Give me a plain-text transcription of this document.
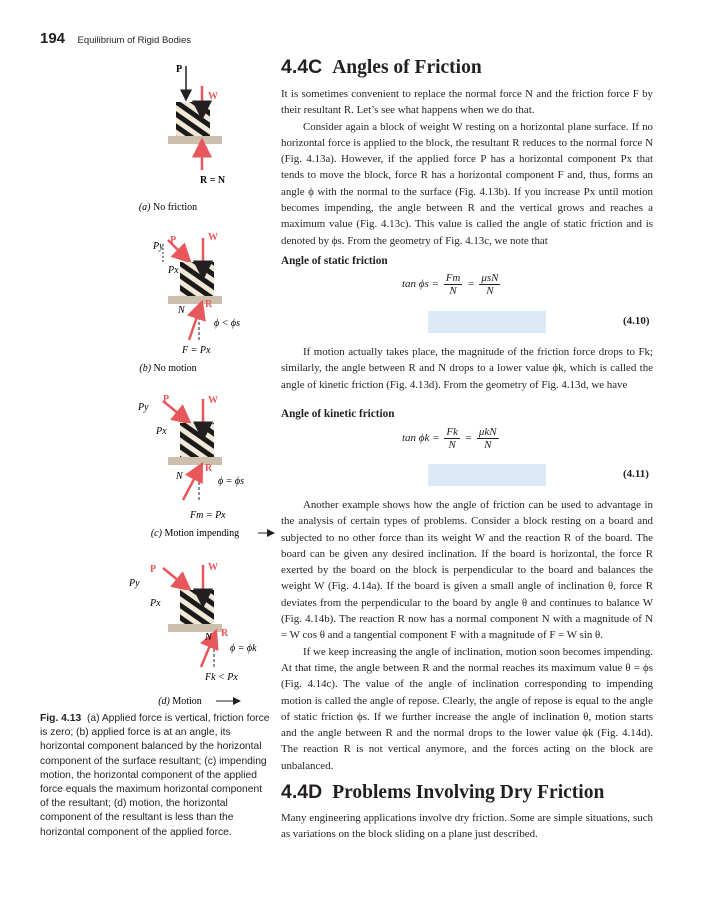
194 Equilibrium of Rigid Bodies
4.4C Angles of Friction

It is sometimes convenient to replace the normal force N and the friction force F by their resultant R. Let’s see what happens when we do that.

Consider again a block of weight W resting on a horizontal plane surface. If no horizontal force is applied to the block, the resultant R reduces to the normal force N (Fig. 4.13a). However, if the applied force P has a horizontal component Px that tends to move the block, force R has a horizontal component F and, thus, forms an angle ϕ with the normal to the surface (Fig. 4.13b). If you increase Px until motion becomes impending, the angle between R and the vertical grows and reaches a maximum value (Fig. 4.13c). This value is called the angle of static friction and is denoted by ϕs. From the geometry of Fig. 4.13c, we note that

Angle of static friction
$\tan \phi s = \frac{Fm}{N} = \frac{\text{μsN}}{N}$
(4.10)

If motion actually takes place, the magnitude of the friction force drops to Fk; similarly, the angle between R and N drops to a lower value ϕk, which is called the angle of kinetic friction (Fig. 4.13d). From the geometry of Fig. 4.13d, we have

Angle of kinetic friction
$\tan \phi k = \frac{Fk}{N} = \frac{\text{μkN}}{N}$
(4.11)

Another example shows how the angle of friction can be used to advantage in the analysis of certain types of problems. Consider a block resting on a board and subjected to no other force than its weight W and the reaction R of the board. The board can be given any desired inclination. If the board is horizontal, the force R exerted by the board on the block is perpendicular to the board and balances the weight W (Fig. 4.14a). If the board is given a small angle of inclination θ, force R deviates from the perpendicular to the board by angle θ and continues to balance W (Fig. 4.14b). The reaction R now has a normal component N with a magnitude of N = W cos θ and a tangential component F with a magnitude of F = W sin θ.

If we keep increasing the angle of inclination, motion soon becomes impending. At that time, the angle between R and the normal reaches its maximum value θ = ϕs (Fig. 4.14c). The value of the angle of inclination corresponding to impending motion is called the angle of repose. Clearly, the angle of repose is equal to the angle of static friction ϕs. If we further increase the angle of inclination θ, motion starts and the angle between R and the normal drops to the lower value ϕk (Fig. 4.14d). The reaction R is not vertical anymore, and the forces acting on the block are unbalanced.

4.4D Problems Involving Dry Friction

Many engineering applications involve dry friction. Some are simple situations, such as variations on the block sliding on a plane just described.

P
W
R = N
(a) No friction
P
Py
Px
W
R
N
ϕ < ϕs
F = Px
(b) No motion
P
Py
Px
W
R
N	ϕ = ϕs
Fm = Px
(c) Motion impending
P
Py
Px
W
R
N
ϕ = ϕk
Fk < Px
(d) Motion
Fig. 4.13 (a) Applied force is vertical, friction force is zero; (b) applied force is at an angle, its horizontal component balanced by the horizontal component of the surface resultant; (c) impending motion, the horizontal component of the applied force equals the maximum horizontal component of the resultant; (d) motion, the horizontal component of the resultant is less than the horizontal component of the applied force.
